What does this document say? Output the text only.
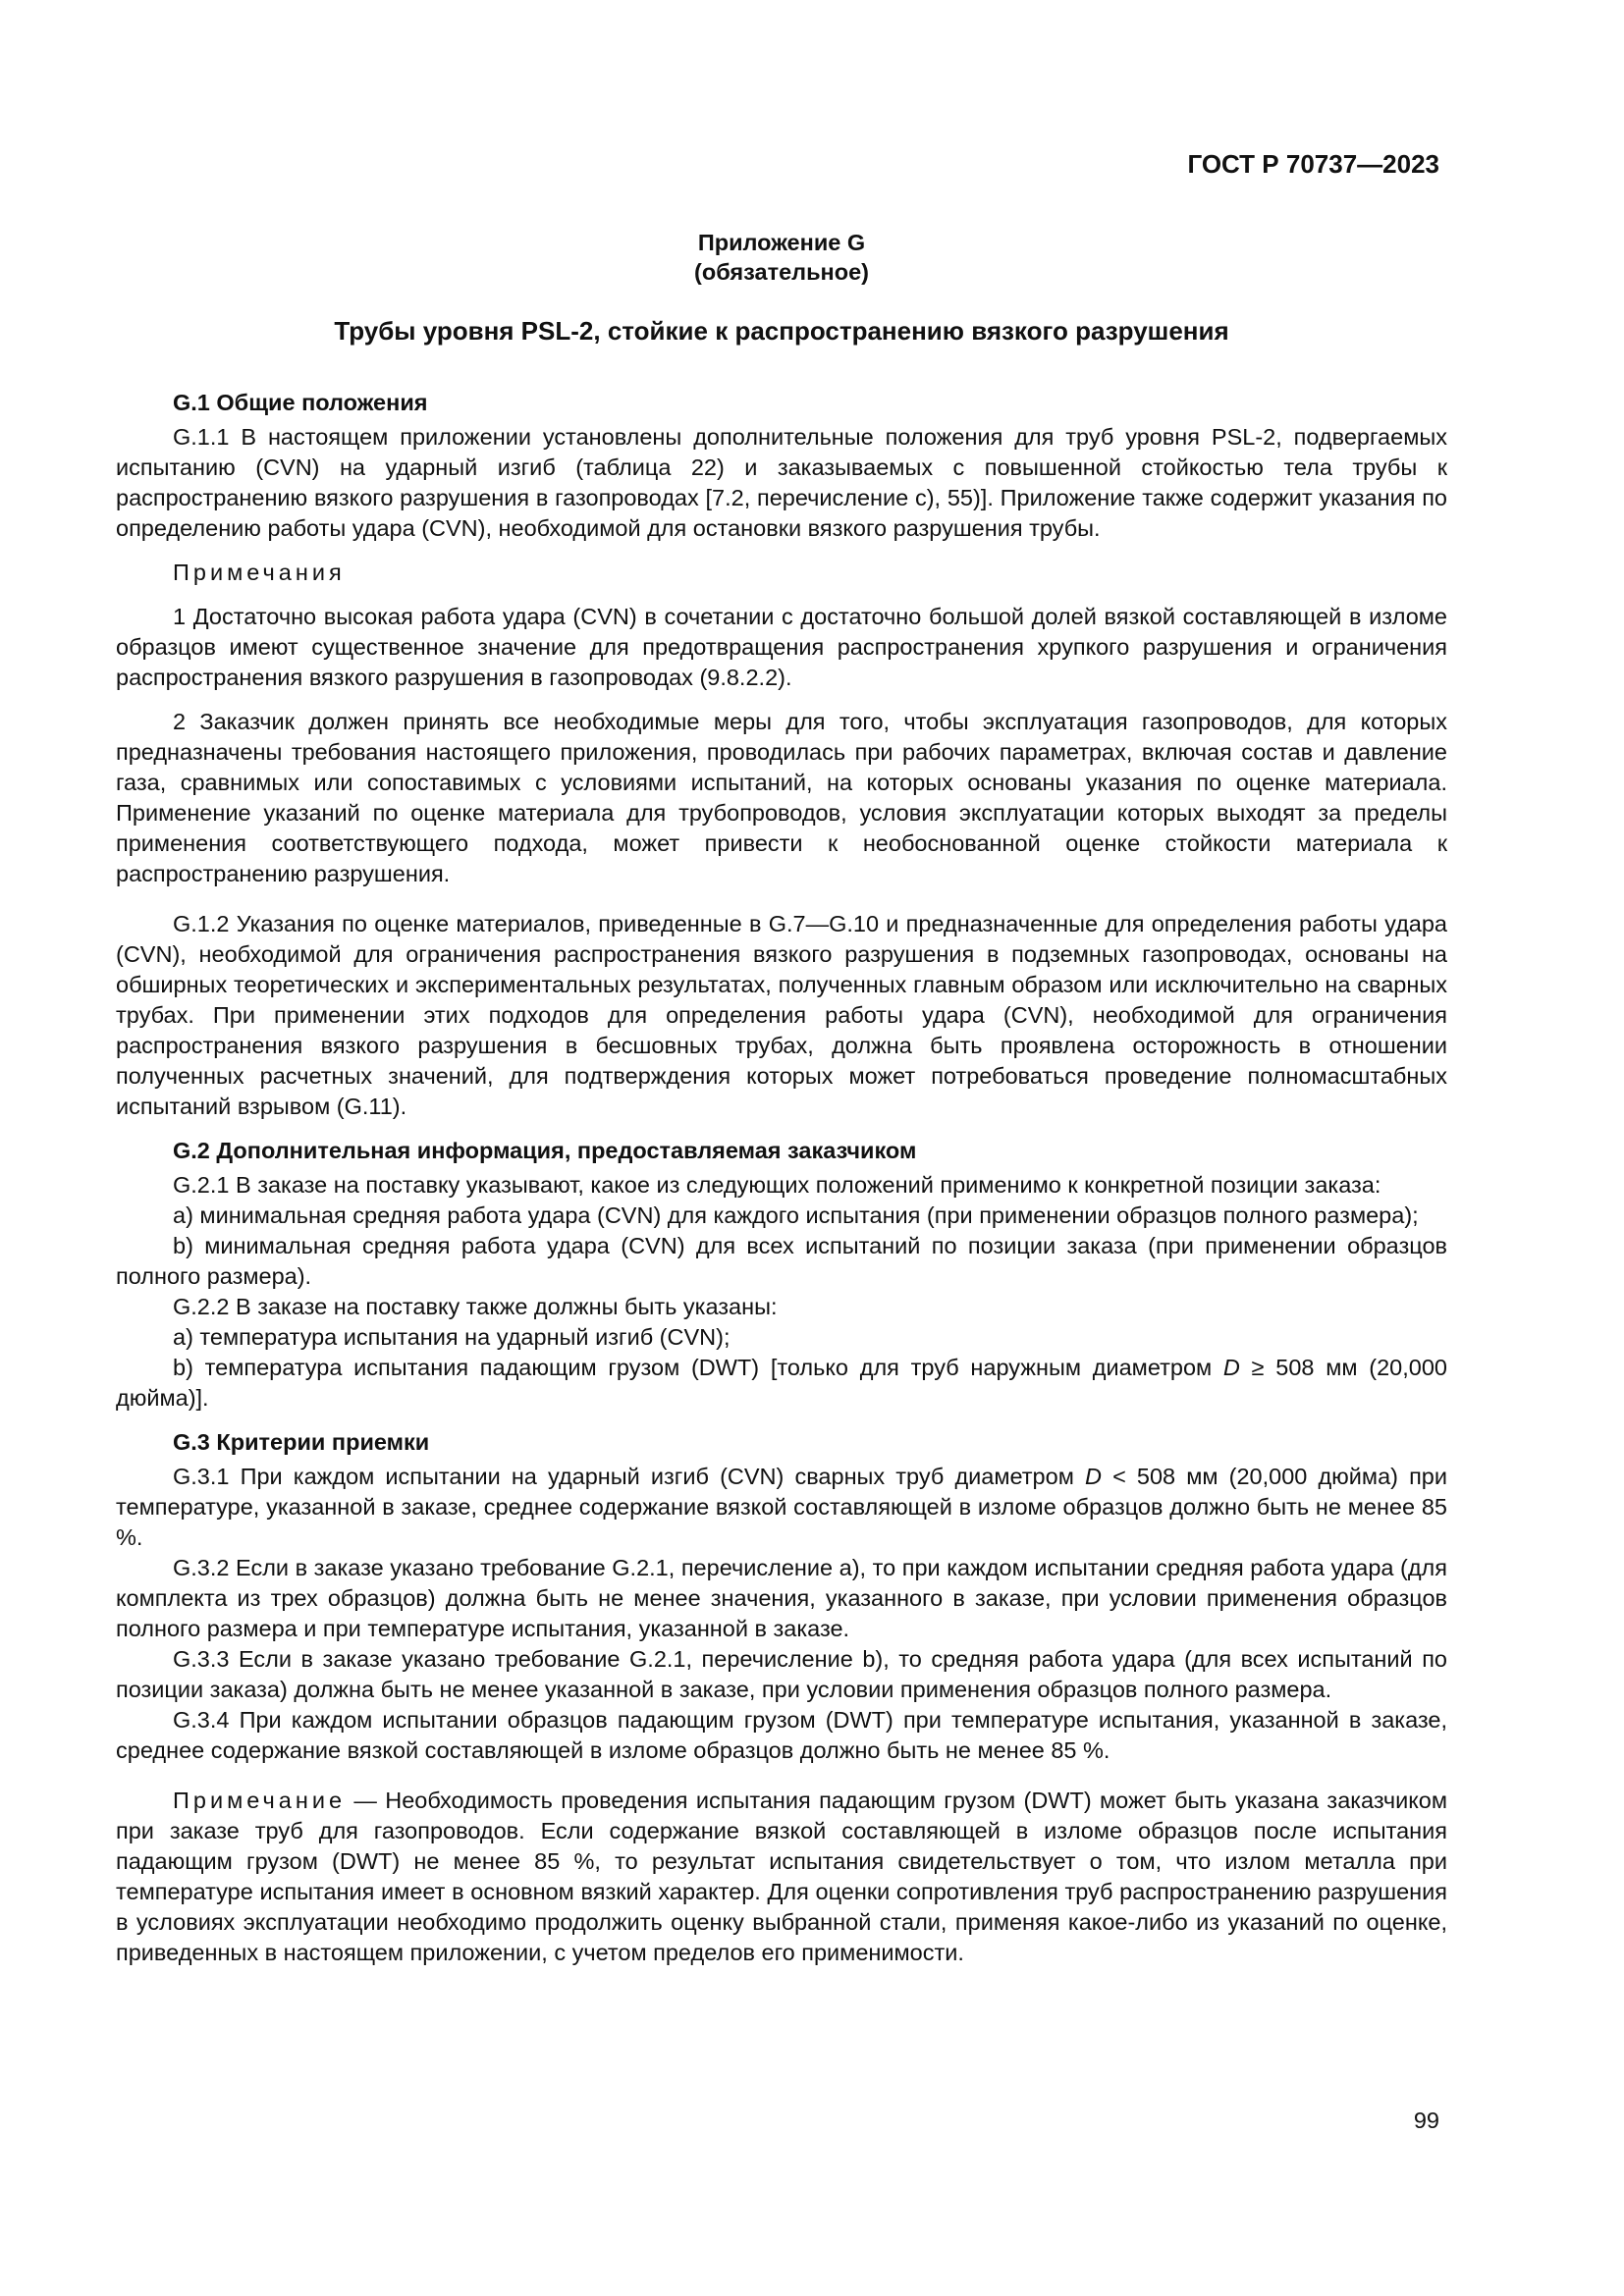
ГОСТ Р 70737—2023
Приложение G
(обязательное)
Трубы уровня PSL-2, стойкие к распространению вязкого разрушения
G.1 Общие положения

G.1.1 В настоящем приложении установлены дополнительные положения для труб уровня PSL-2, подвергаемых испытанию (CVN) на ударный изгиб (таблица 22) и заказываемых с повышенной стойкостью тела трубы к распространению вязкого разрушения в газопроводах [7.2, перечисление с), 55)]. Приложение также содержит указания по определению работы удара (CVN), необходимой для остановки вязкого разрушения трубы.

Примечания

1 Достаточно высокая работа удара (CVN) в сочетании с достаточно большой долей вязкой составляющей в изломе образцов имеют существенное значение для предотвращения распространения хрупкого разрушения и ограничения распространения вязкого разрушения в газопроводах (9.8.2.2).

2 Заказчик должен принять все необходимые меры для того, чтобы эксплуатация газопроводов, для которых предназначены требования настоящего приложения, проводилась при рабочих параметрах, включая состав и давление газа, сравнимых или сопоставимых с условиями испытаний, на которых основаны указания по оценке материала. Применение указаний по оценке материала для трубопроводов, условия эксплуатации которых выходят за пределы применения соответствующего подхода, может привести к необоснованной оценке стойкости материала к распространению разрушения.

G.1.2 Указания по оценке материалов, приведенные в G.7—G.10 и предназначенные для определения работы удара (CVN), необходимой для ограничения распространения вязкого разрушения в подземных газопроводах, основаны на обширных теоретических и экспериментальных результатах, полученных главным образом или исключительно на сварных трубах. При применении этих подходов для определения работы удара (CVN), необходимой для ограничения распространения вязкого разрушения в бесшовных трубах, должна быть проявлена осторожность в отношении полученных расчетных значений, для подтверждения которых может потребоваться проведение полномасштабных испытаний взрывом (G.11).

G.2 Дополнительная информация, предоставляемая заказчиком

G.2.1 В заказе на поставку указывают, какое из следующих положений применимо к конкретной позиции заказа:

a) минимальная средняя работа удара (CVN) для каждого испытания (при применении образцов полного размера);

b) минимальная средняя работа удара (CVN) для всех испытаний по позиции заказа (при применении образцов полного размера).

G.2.2 В заказе на поставку также должны быть указаны:

а) температура испытания на ударный изгиб (CVN);

b) температура испытания падающим грузом (DWT) [только для труб наружным диаметром D ≥ 508 мм (20,000 дюйма)].

G.3 Критерии приемки

G.3.1 При каждом испытании на ударный изгиб (CVN) сварных труб диаметром D < 508 мм (20,000 дюйма) при температуре, указанной в заказе, среднее содержание вязкой составляющей в изломе образцов должно быть не менее 85 %.

G.3.2 Если в заказе указано требование G.2.1, перечисление а), то при каждом испытании средняя работа удара (для комплекта из трех образцов) должна быть не менее значения, указанного в заказе, при условии применения образцов полного размера и при температуре испытания, указанной в заказе.

G.3.3 Если в заказе указано требование G.2.1, перечисление b), то средняя работа удара (для всех испытаний по позиции заказа) должна быть не менее указанной в заказе, при условии применения образцов полного размера.

G.3.4 При каждом испытании образцов падающим грузом (DWT) при температуре испытания, указанной в заказе, среднее содержание вязкой составляющей в изломе образцов должно быть не менее 85 %.

Примечание — Необходимость проведения испытания падающим грузом (DWT) может быть указана заказчиком при заказе труб для газопроводов. Если содержание вязкой составляющей в изломе образцов после испытания падающим грузом (DWT) не менее 85 %, то результат испытания свидетельствует о том, что излом металла при температуре испытания имеет в основном вязкий характер. Для оценки сопротивления труб распространению разрушения в условиях эксплуатации необходимо продолжить оценку выбранной стали, применяя какое-либо из указаний по оценке, приведенных в настоящем приложении, с учетом пределов его применимости.

99
